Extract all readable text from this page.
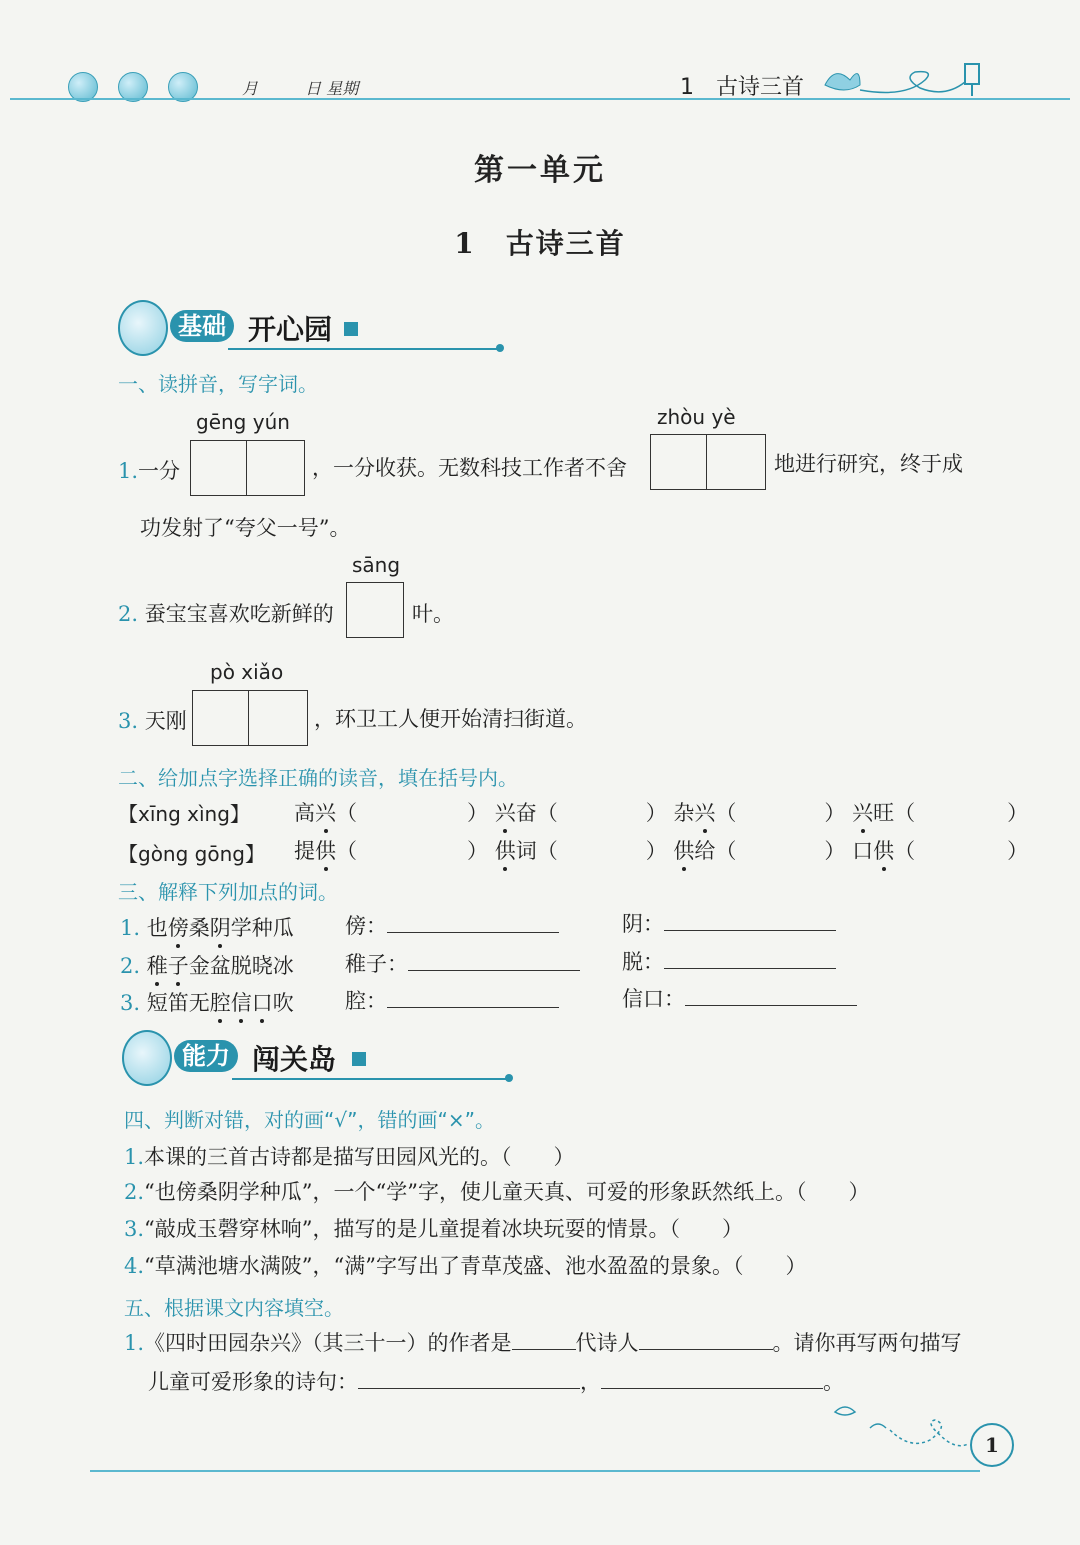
月	日 星期	1　古诗三首
第一单元
1　古诗三首
基础 开心园
一、读拼音，写字词。
gēng yún
1.一分	，一分收获。无数科技工作者不舍
zhòu yè
地进行研究，终于成
功发射了“夸父一号”。
sāng
2. 蚕宝宝喜欢吃新鲜的	叶。
pò xiǎo
3. 天刚	，环卫工人便开始清扫街道。
二、给加点字选择正确的读音，填在括号内。
【xīng xìng】 高兴（	） 兴奋（	） 杂兴（	） 兴旺（	）
【gòng gōng】 提供（	） 供词（	） 供给（	） 口供（	）
三、解释下列加点的词。
1. 也傍桑阴学种瓜 傍：	阴：
2. 稚子金盆脱晓冰 稚子：	脱：
3. 短笛无腔信口吹 腔：	信口：
能力 闯关岛
四、判断对错，对的画“√”，错的画“×”。
1.本课的三首古诗都是描写田园风光的。（　　）
2.“也傍桑阴学种瓜”，一个“学”字，使儿童天真、可爱的形象跃然纸上。（　　）
3.“敲成玉磬穿林响”，描写的是儿童提着冰块玩耍的情景。（　　）
4.“草满池塘水满陂”，“满”字写出了青草茂盛、池水盈盈的景象。（　　）
五、根据课文内容填空。
1.《四时田园杂兴》（其三十一）的作者是	代诗人	。请你再写两句描写
儿童可爱形象的诗句：	，	。
1
